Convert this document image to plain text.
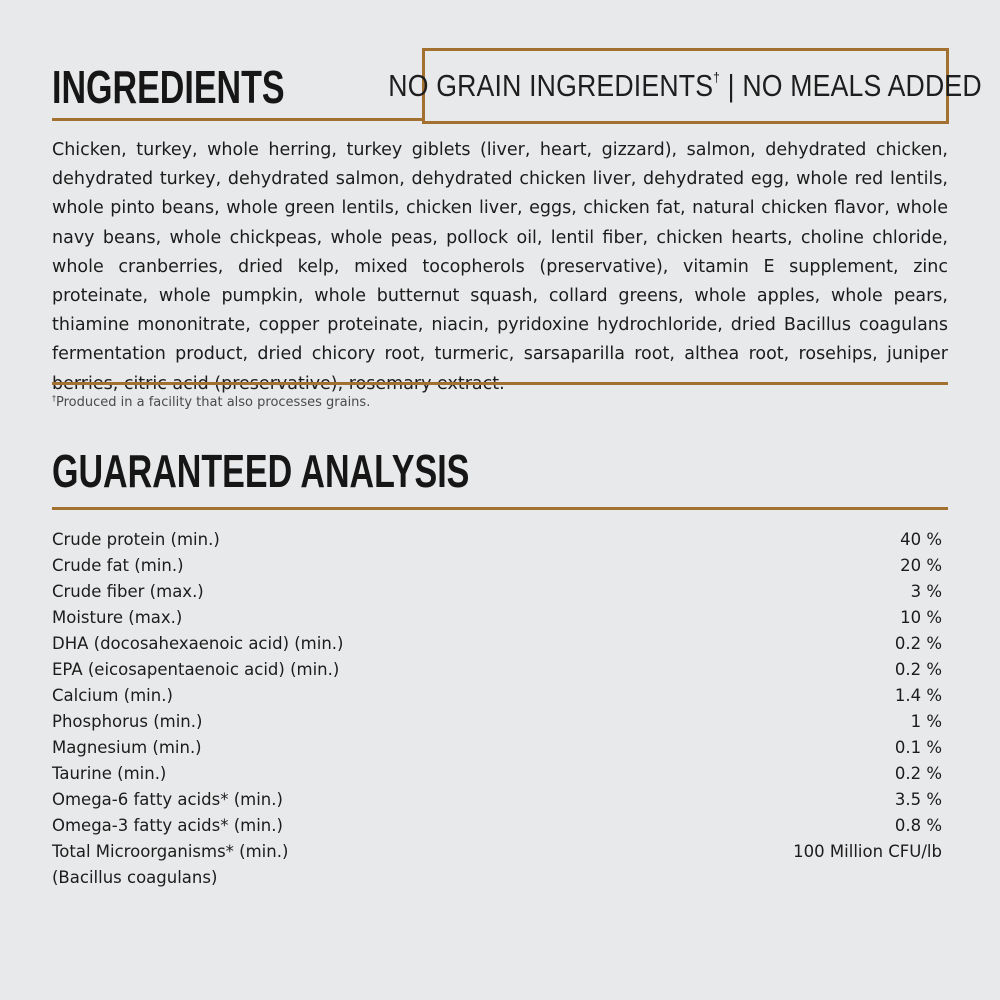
INGREDIENTS	NO GRAIN INGREDIENTS† | NO MEALS ADDED

Chicken, turkey, whole herring, turkey giblets (liver, heart, gizzard), salmon, dehydrated chicken, dehydrated turkey, dehydrated salmon, dehydrated chicken liver, dehydrated egg, whole red lentils, whole pinto beans, whole green lentils, chicken liver, eggs, chicken fat, natural chicken flavor, whole navy beans, whole chickpeas, whole peas, pollock oil, lentil fiber, chicken hearts, choline chloride, whole cranberries, dried kelp, mixed tocopherols (preservative), vitamin E supplement, zinc proteinate, whole pumpkin, whole butternut squash, collard greens, whole apples, whole pears, thiamine mononitrate, copper proteinate, niacin, pyridoxine hydrochloride, dried Bacillus coagulans fermentation product, dried chicory root, turmeric, sarsaparilla root, althea root, rosehips, juniper

†Produced in a facility that also processes grains.

GUARANTEED ANALYSIS
Crude protein (min.)	40 %
Crude fat (min.)	20 %
Crude fiber (max.)	3 %
Moisture (max.)	10 %
DHA (docosahexaenoic acid) (min.)	0.2 %
EPA (eicosapentaenoic acid) (min.)	0.2 %
Calcium (min.)	1.4 %
Phosphorus (min.)	1 %
Magnesium (min.)	0.1 %
Taurine (min.)	0.2 %
Omega-6 fatty acids* (min.)	3.5 %
Omega-3 fatty acids* (min.)	0.8 %
Total Microorganisms* (min.)	100 Million CFU/lb
(Bacillus coagulans)
